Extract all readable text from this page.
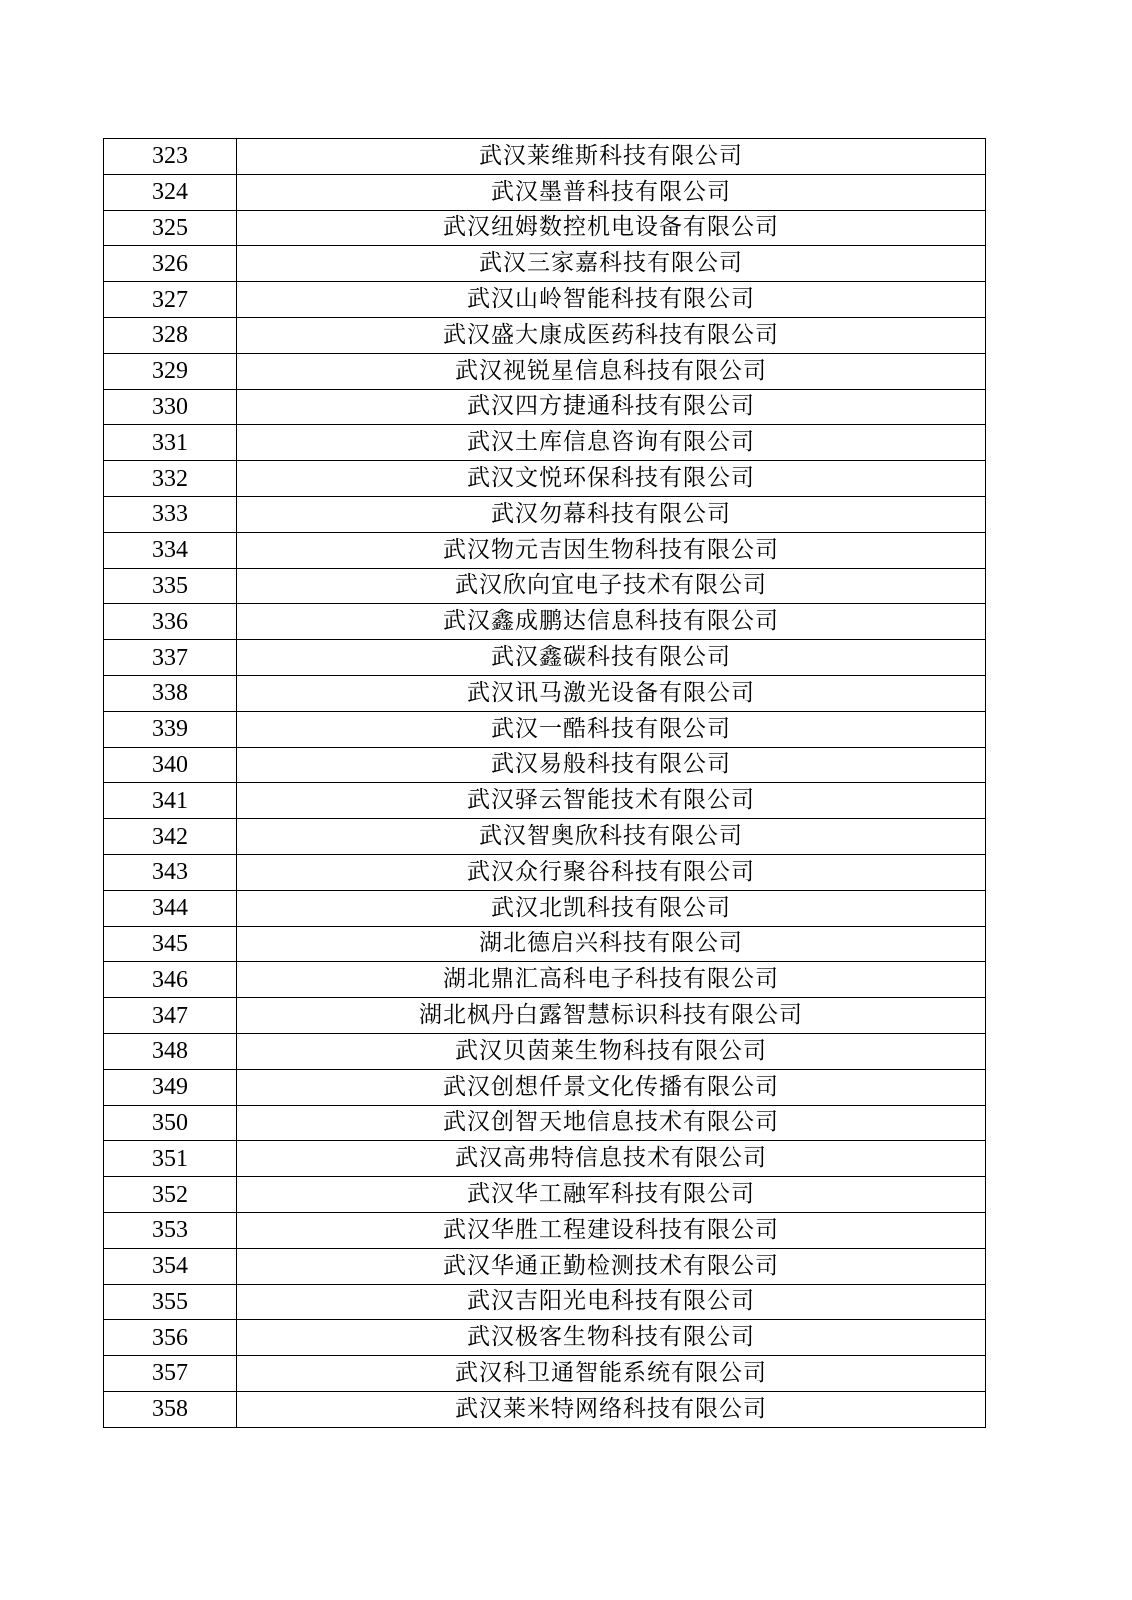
323	武汉莱维斯科技有限公司
324	武汉墨普科技有限公司
325	武汉纽姆数控机电设备有限公司
326	武汉三家嘉科技有限公司
327	武汉山岭智能科技有限公司
328	武汉盛大康成医药科技有限公司
329	武汉视锐星信息科技有限公司
330	武汉四方捷通科技有限公司
331	武汉土库信息咨询有限公司
332	武汉文悦环保科技有限公司
333	武汉勿幕科技有限公司
334	武汉物元吉因生物科技有限公司
335	武汉欣向宜电子技术有限公司
336	武汉鑫成鹏达信息科技有限公司
337	武汉鑫碳科技有限公司
338	武汉讯马激光设备有限公司
339	武汉一酷科技有限公司
340	武汉易般科技有限公司
341	武汉驿云智能技术有限公司
342	武汉智奥欣科技有限公司
343	武汉众行聚谷科技有限公司
344	武汉北凯科技有限公司
345	湖北德启兴科技有限公司
346	湖北鼎汇高科电子科技有限公司
347	湖北枫丹白露智慧标识科技有限公司
348	武汉贝茵莱生物科技有限公司
349	武汉创想仟景文化传播有限公司
350	武汉创智天地信息技术有限公司
351	武汉高弗特信息技术有限公司
352	武汉华工融军科技有限公司
353	武汉华胜工程建设科技有限公司
354	武汉华通正勤检测技术有限公司
355	武汉吉阳光电科技有限公司
356	武汉极客生物科技有限公司
357	武汉科卫通智能系统有限公司
358	武汉莱米特网络科技有限公司
